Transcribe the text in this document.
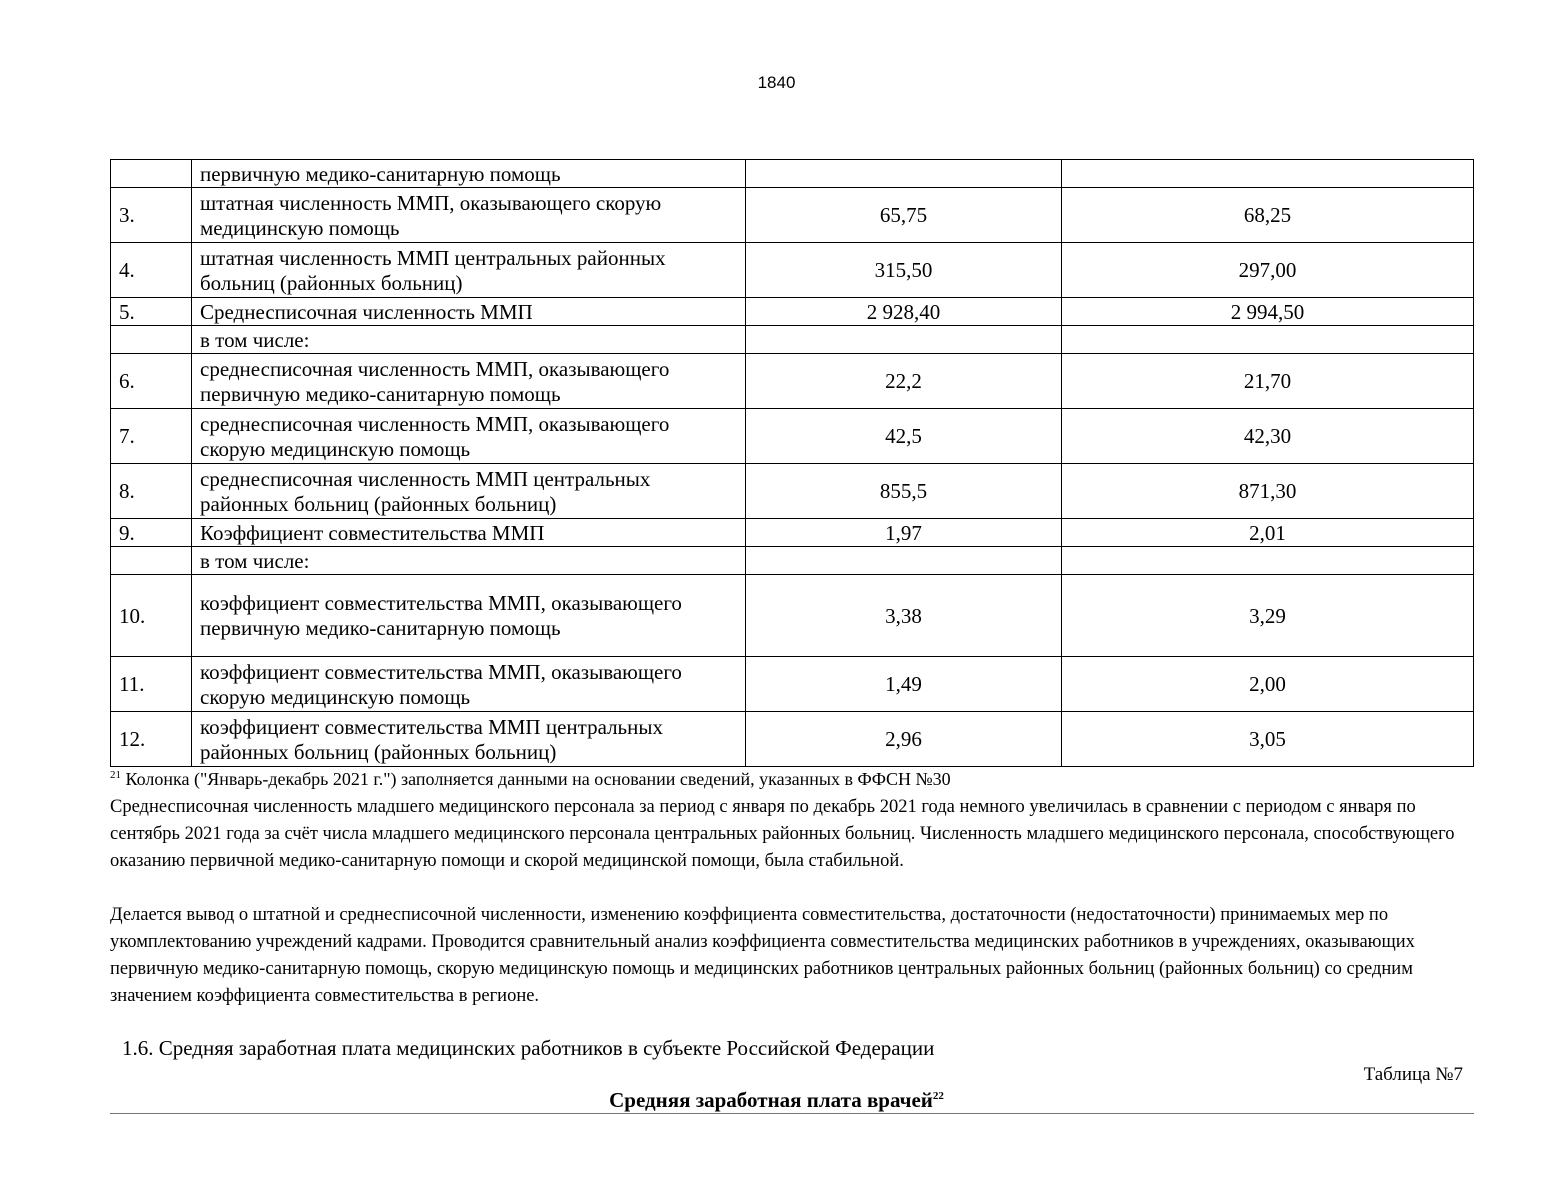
1840
	первичную медико-санитарную помощь		
3.	штатная численность ММП, оказывающего скорую медицинскую помощь	65,75	68,25
4.	штатная численность ММП центральных районных больниц (районных больниц)	315,50	297,00
5.	Среднесписочная численность ММП	2 928,40	2 994,50
	в том числе:		
6.	среднесписочная численность ММП, оказывающего первичную медико-санитарную помощь	22,2	21,70
7.	среднесписочная численность ММП, оказывающего скорую медицинскую помощь	42,5	42,30
8.	среднесписочная численность ММП центральных районных больниц (районных больниц)	855,5	871,30
9.	Коэффициент совместительства ММП	1,97	2,01
	в том числе:		
10.	коэффициент совместительства ММП, оказывающего первичную медико-санитарную помощь	3,38	3,29
11.	коэффициент совместительства ММП, оказывающего скорую медицинскую помощь	1,49	2,00
12.	коэффициент совместительства ММП центральных районных больниц (районных больниц)	2,96	3,05
$^{21}$ Колонка ("Январь-декабрь 2021 г.") заполняется данными на основании сведений, указанных в ФФСН №30
Среднесписочная численность младшего медицинского персонала за период с января по декабрь 2021 года немного увеличилась в сравнении с периодом с января по сентябрь 2021 года за счёт числа младшего медицинского персонала центральных районных больниц. Численность младшего медицинского персонала, способствующего оказанию первичной медико-санитарную помощи и скорой медицинской помощи, была стабильной.
Делается вывод о штатной и среднесписочной численности, изменению коэффициента совместительства, достаточности (недостаточности) принимаемых мер по укомплектованию учреждений кадрами. Проводится сравнительный анализ коэффициента совместительства медицинских работников в учреждениях, оказывающих первичную медико-санитарную помощь, скорую медицинскую помощь и медицинских работников центральных районных больниц (районных больниц) со средним значением коэффициента совместительства в регионе.
1.6. Средняя заработная плата медицинских работников в субъекте Российской Федерации
Таблица №7
Средняя заработная плата врачей$^{22}$
